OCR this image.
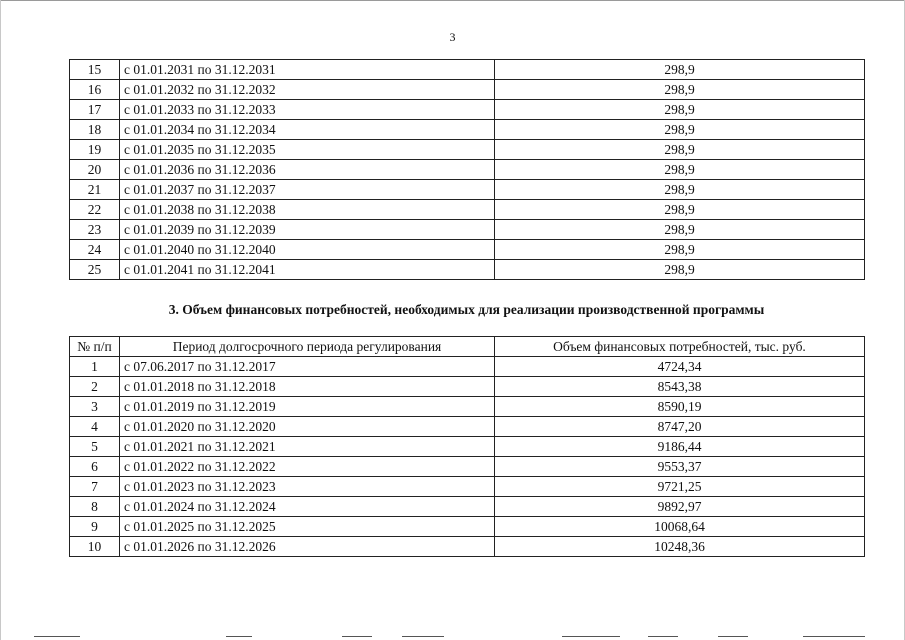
3
15	с 01.01.2031 по 31.12.2031	298,9
16	с 01.01.2032 по 31.12.2032	298,9
17	с 01.01.2033 по 31.12.2033	298,9
18	с 01.01.2034 по 31.12.2034	298,9
19	с 01.01.2035 по 31.12.2035	298,9
20	с 01.01.2036 по 31.12.2036	298,9
21	с 01.01.2037 по 31.12.2037	298,9
22	с 01.01.2038 по 31.12.2038	298,9
23	с 01.01.2039 по 31.12.2039	298,9
24	с 01.01.2040 по 31.12.2040	298,9
25	с 01.01.2041 по 31.12.2041	298,9
3. Объем финансовых потребностей, необходимых для реализации производственной программы
№ п/п	Период долгосрочного периода регулирования	Объем финансовых потребностей, тыс. руб.
1	с 07.06.2017 по 31.12.2017	4724,34
2	с 01.01.2018 по 31.12.2018	8543,38
3	с 01.01.2019 по 31.12.2019	8590,19
4	с 01.01.2020 по 31.12.2020	8747,20
5	с 01.01.2021 по 31.12.2021	9186,44
6	с 01.01.2022 по 31.12.2022	9553,37
7	с 01.01.2023 по 31.12.2023	9721,25
8	с 01.01.2024 по 31.12.2024	9892,97
9	с 01.01.2025 по 31.12.2025	10068,64
10	с 01.01.2026 по 31.12.2026	10248,36
